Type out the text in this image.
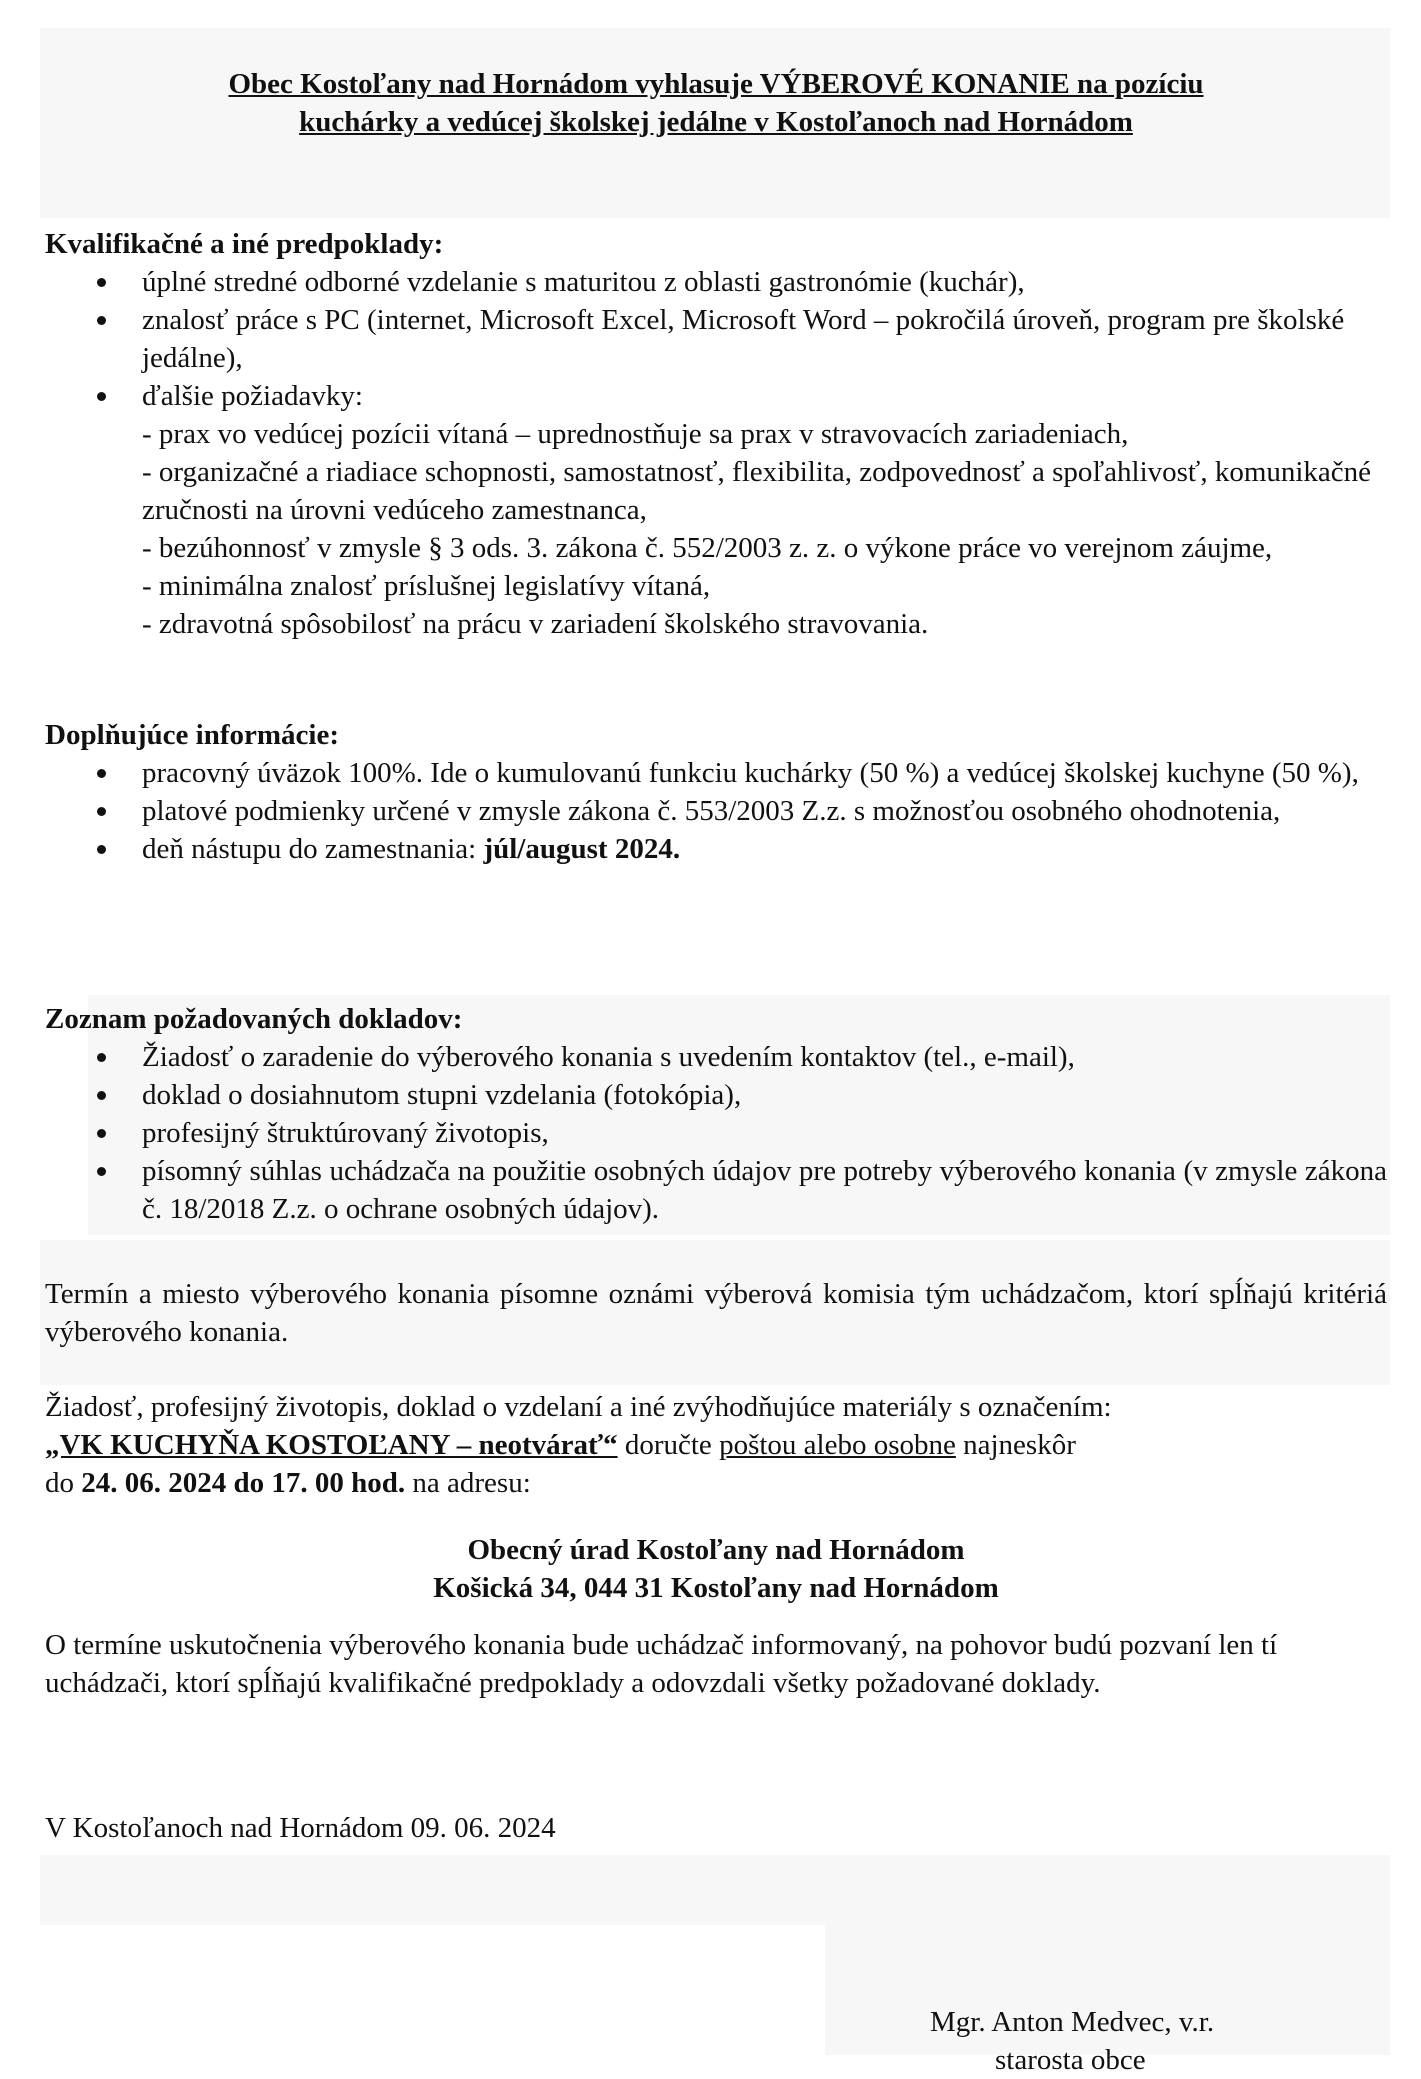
Obec Kostoľany nad Hornádom vyhlasuje VÝBEROVÉ KONANIE na pozíciu
kuchárky a vedúcej školskej jedálne v Kostoľanoch nad Hornádom

Kvalifikačné a iné predpoklady:

úplné stredné odborné vzdelanie s maturitou z oblasti gastronómie (kuchár),
znalosť práce s PC (internet, Microsoft Excel, Microsoft Word – pokročilá úroveň, program pre školské jedálne),
ďalšie požiadavky:
- prax vo vedúcej pozícii vítaná – uprednostňuje sa prax v stravovacích zariadeniach,
- organizačné a riadiace schopnosti, samostatnosť, flexibilita, zodpovednosť a spoľahlivosť, komunikačné zručnosti na úrovni vedúceho zamestnanca,
- bezúhonnosť v zmysle § 3 ods. 3. zákona č. 552/2003 z. z. o výkone práce vo verejnom záujme,
- minimálna znalosť príslušnej legislatívy vítaná,
- zdravotná spôsobilosť na prácu v zariadení školského stravovania.

Doplňujúce informácie:

pracovný úväzok 100%. Ide o kumulovanú funkciu kuchárky (50 %) a vedúcej školskej kuchyne (50 %),
platové podmienky určené v zmysle zákona č. 553/2003 Z.z. s možnosťou osobného ohodnotenia,
deň nástupu do zamestnania: júl/august 2024.

Zoznam požadovaných dokladov:

Žiadosť o zaradenie do výberového konania s uvedením kontaktov (tel., e-mail),
doklad o dosiahnutom stupni vzdelania (fotokópia),
profesijný štruktúrovaný životopis,
písomný súhlas uchádzača na použitie osobných údajov pre potreby výberového konania (v zmysle zákona č. 18/2018 Z.z. o ochrane osobných údajov).
Termín a miesto výberového konania písomne oznámi výberová komisia tým uchádzačom, ktorí spĺňajú kritériá výberového konania.
Žiadosť, profesijný životopis, doklad o vzdelaní a iné zvýhodňujúce materiály s označením:
„VK KUCHYŇA KOSTOĽANY – neotvárať“ doručte poštou alebo osobne najneskôr
do 24. 06. 2024 do 17. 00 hod. na adresu:
Obecný úrad Kostoľany nad Hornádom
Košická 34, 044 31 Kostoľany nad Hornádom
O termíne uskutočnenia výberového konania bude uchádzač informovaný, na pohovor budú pozvaní len tí uchádzači, ktorí spĺňajú kvalifikačné predpoklady a odovzdali všetky požadované doklady.
V Kostoľanoch nad Hornádom 09. 06. 2024
Mgr. Anton Medvec, v.r.
starosta obce
